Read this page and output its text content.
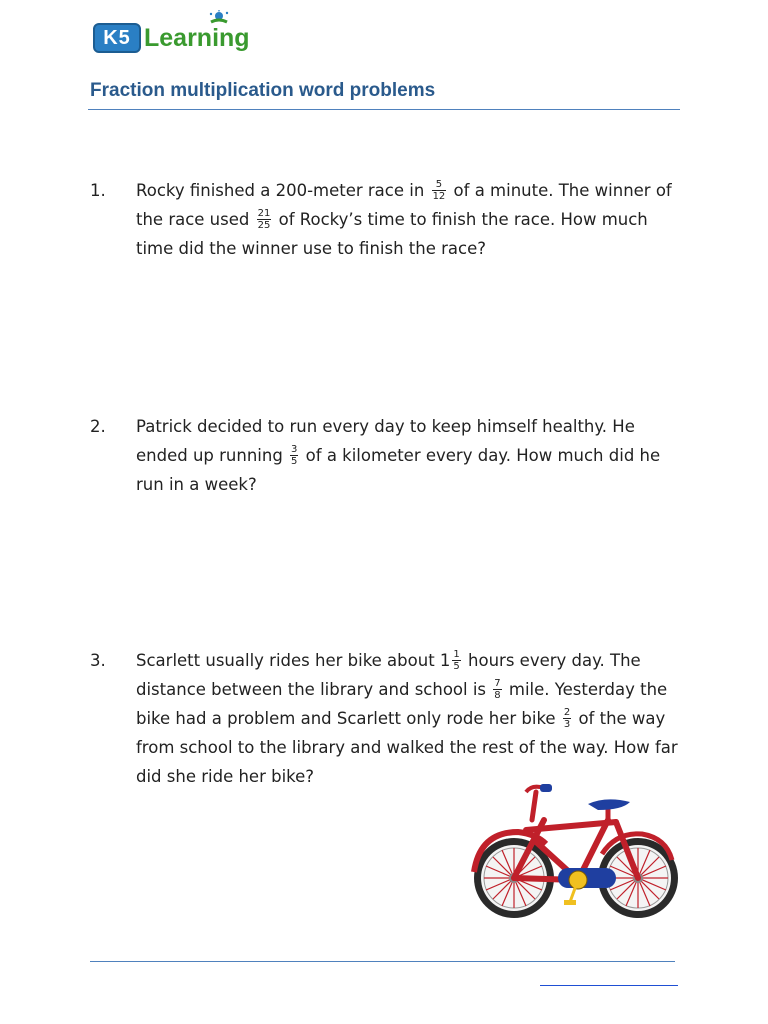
K5 Learning
Fraction multiplication word problems
1. Rocky finished a 200-meter race in $\frac{5}{12}$ of a minute. The winner of the race used $\frac{21}{25}$ of Rocky’s time to finish the race. How much time did the winner use to finish the race?
2. Patrick decided to run every day to keep himself healthy. He ended up running $\frac{3}{5}$ of a kilometer every day. How much did he run in a week?
3. Scarlett usually rides her bike about $1 \frac{1}{5}$ hours every day. The distance between the library and school is $\frac{7}{8}$ mile. Yesterday the bike had a problem and Scarlett only rode her bike $\frac{2}{3}$ of the way from school to the library and walked the rest of the way. How far did she ride her bike?
